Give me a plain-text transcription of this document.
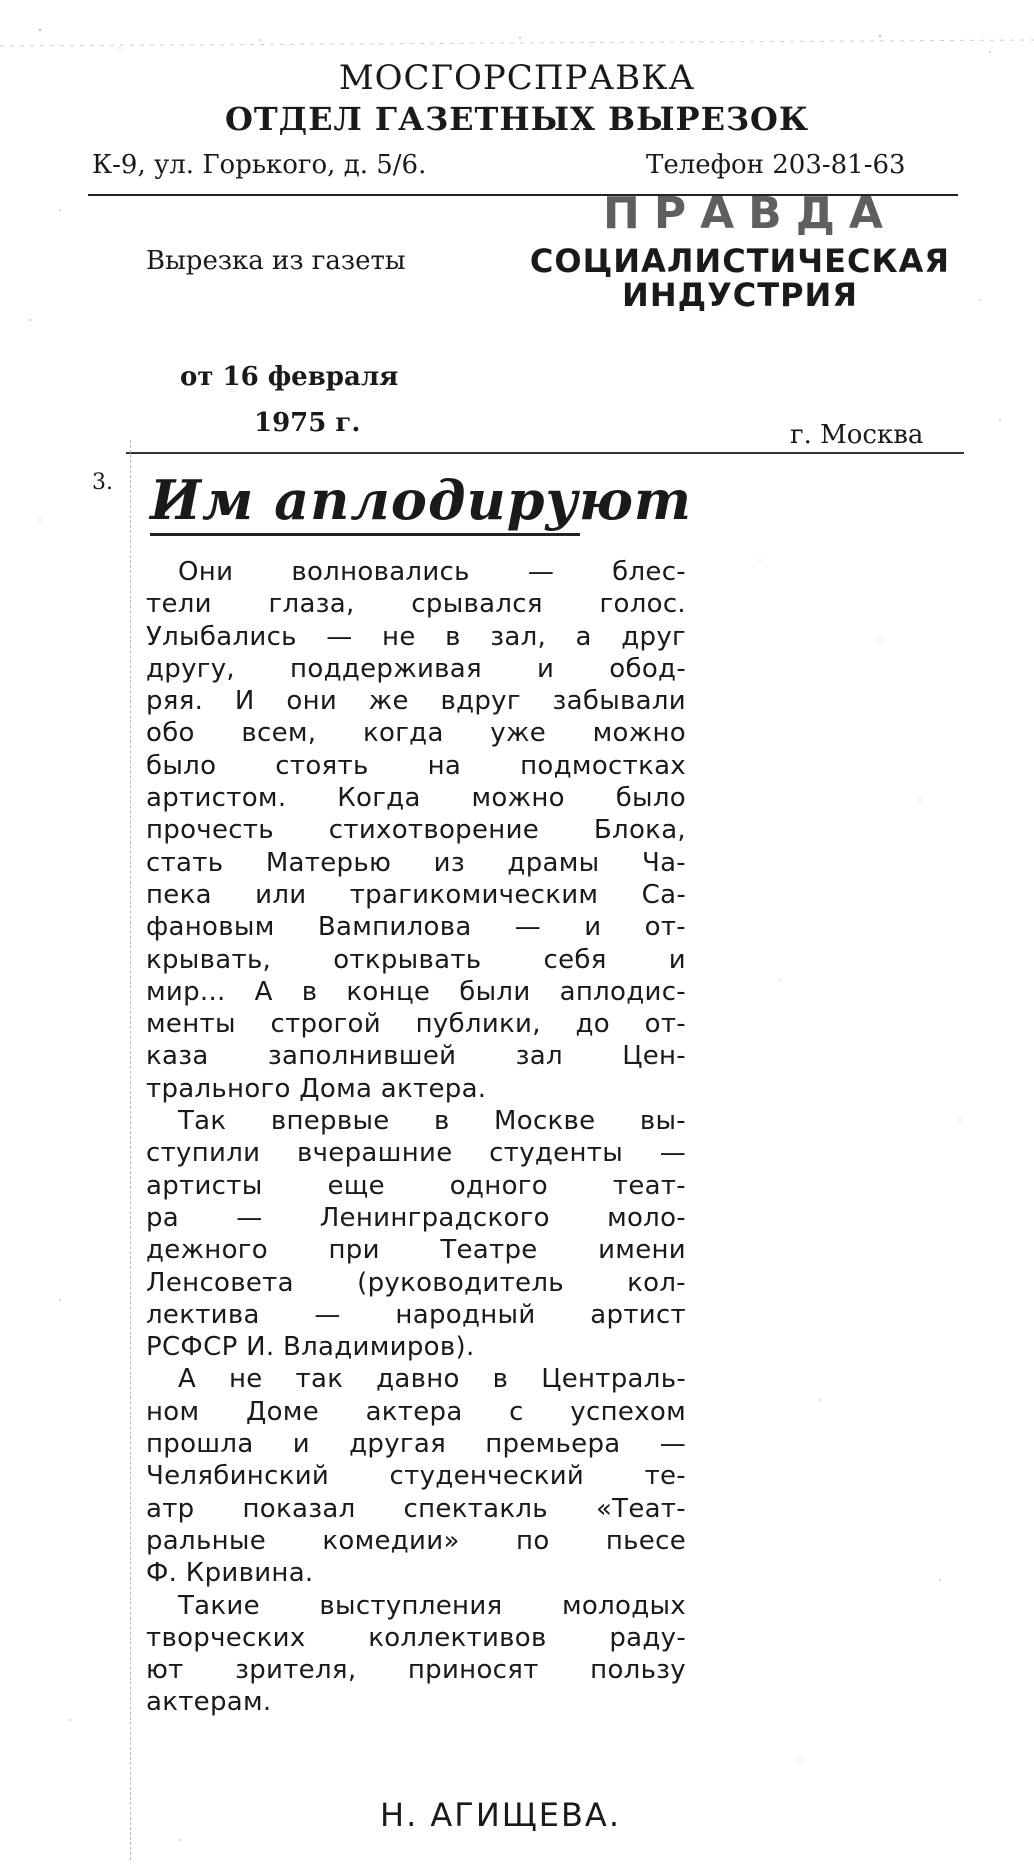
МОСГОРСПРАВКА
ОТДЕЛ ГАЗЕТНЫХ ВЫРЕЗОК
К-9, ул. Горького, д. 5/6.	Телефон 203-81-63
ПРАВДА
Вырезка из газеты	СОЦИАЛИСТИЧЕСКАЯ
ИНДУСТРИЯ
от 16 февраля
1975 г.	г. Москва
3. Им аплодируют
Они волновались — блес-
тели глаза, срывался голос.
Улыбались — не в зал, а друг
другу, поддерживая и обод-
ряя. И они же вдруг забывали
обо всем, когда уже можно
было стоять на подмостках
артистом. Когда можно было
прочесть стихотворение Блока,
стать Матерью из драмы Ча-
пека или трагикомическим Са-
фановым Вампилова — и от-
крывать, открывать себя и
мир... А в конце были аплодис-
менты строгой публики, до от-
каза заполнившей зал Цен-
трального Дома актера.
Так впервые в Москве вы-
ступили вчерашние студенты —
артисты еще одного теат-
ра — Ленинградского моло-
дежного при Театре имени
Ленсовета (руководитель кол-
лектива — народный артист
РСФСР И. Владимиров).
А не так давно в Централь-
ном Доме актера с успехом
прошла и другая премьера —
Челябинский студенческий те-
атр показал спектакль «Теат-
ральные комедии» по пьесе
Ф. Кривина.
Такие выступления молодых
творческих коллективов раду-
ют зрителя, приносят пользу
актерам.
Н. АГИЩЕВА.
